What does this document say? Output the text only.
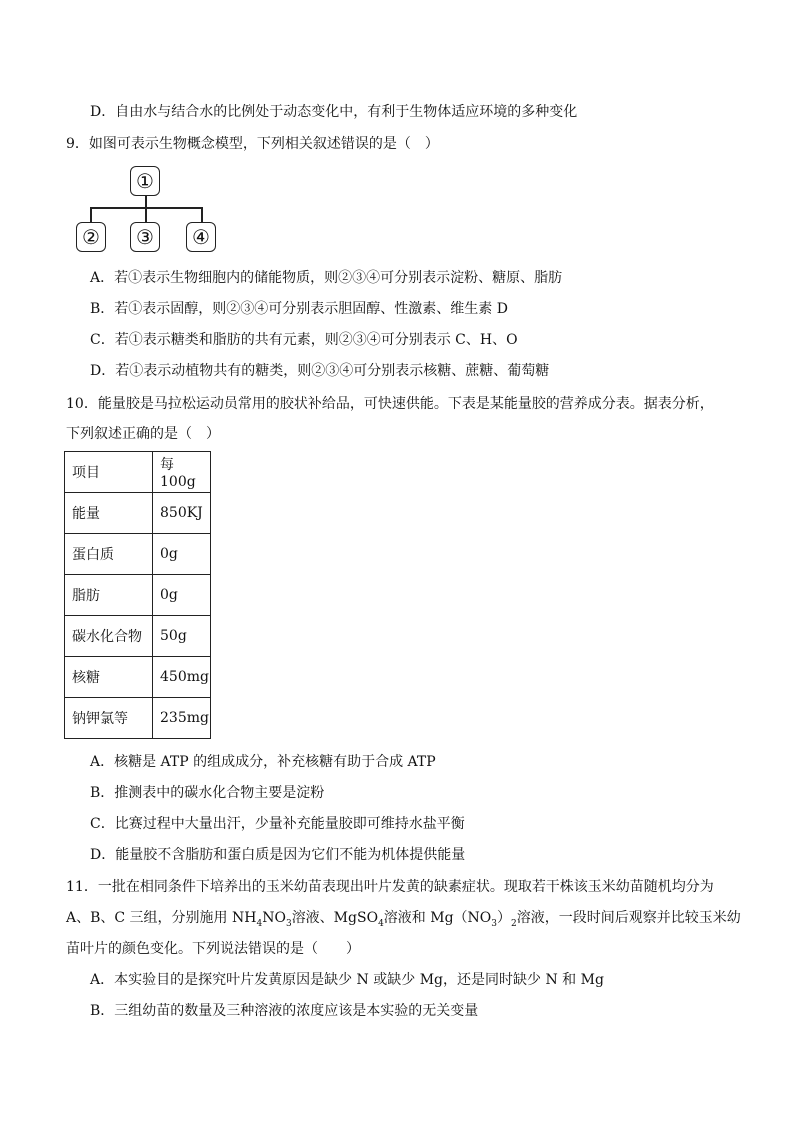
D．自由水与结合水的比例处于动态变化中，有利于生物体适应环境的多种变化
9．如图可表示生物概念模型，下列相关叙述错误的是（　）
①
②	③	④
A．若①表示生物细胞内的储能物质，则②③④可分别表示淀粉、糖原、脂肪
B．若①表示固醇，则②③④可分别表示胆固醇、性激素、维生素 D
C．若①表示糖类和脂肪的共有元素，则②③④可分别表示 C、H、O
D．若①表示动植物共有的糖类，则②③④可分别表示核糖、蔗糖、葡萄糖
10．能量胶是马拉松运动员常用的胶状补给品，可快速供能。下表是某能量胶的营养成分表。据表分析，
下列叙述正确的是（　）
项目	每 100g
能量	850KJ
蛋白质	0g
脂肪	0g
碳水化合物	50g
核糖	450mg
钠钾氯等	235mg
A．核糖是 ATP 的组成成分，补充核糖有助于合成 ATP
B．推测表中的碳水化合物主要是淀粉
C．比赛过程中大量出汗，少量补充能量胶即可维持水盐平衡
D．能量胶不含脂肪和蛋白质是因为它们不能为机体提供能量
11．一批在相同条件下培养出的玉米幼苗表现出叶片发黄的缺素症状。现取若干株该玉米幼苗随机均分为
A、B、C 三组，分别施用 $NH_4NO_3$溶液、MgSO$_4$溶液和 $Mg(NO_3)_2$溶液，一段时间后观察并比较玉米幼
苗叶片的颜色变化。下列说法错误的是（　　）
A．本实验目的是探究叶片发黄原因是缺少 N 或缺少 Mg，还是同时缺少 N 和 Mg
B．三组幼苗的数量及三种溶液的浓度应该是本实验的无关变量
